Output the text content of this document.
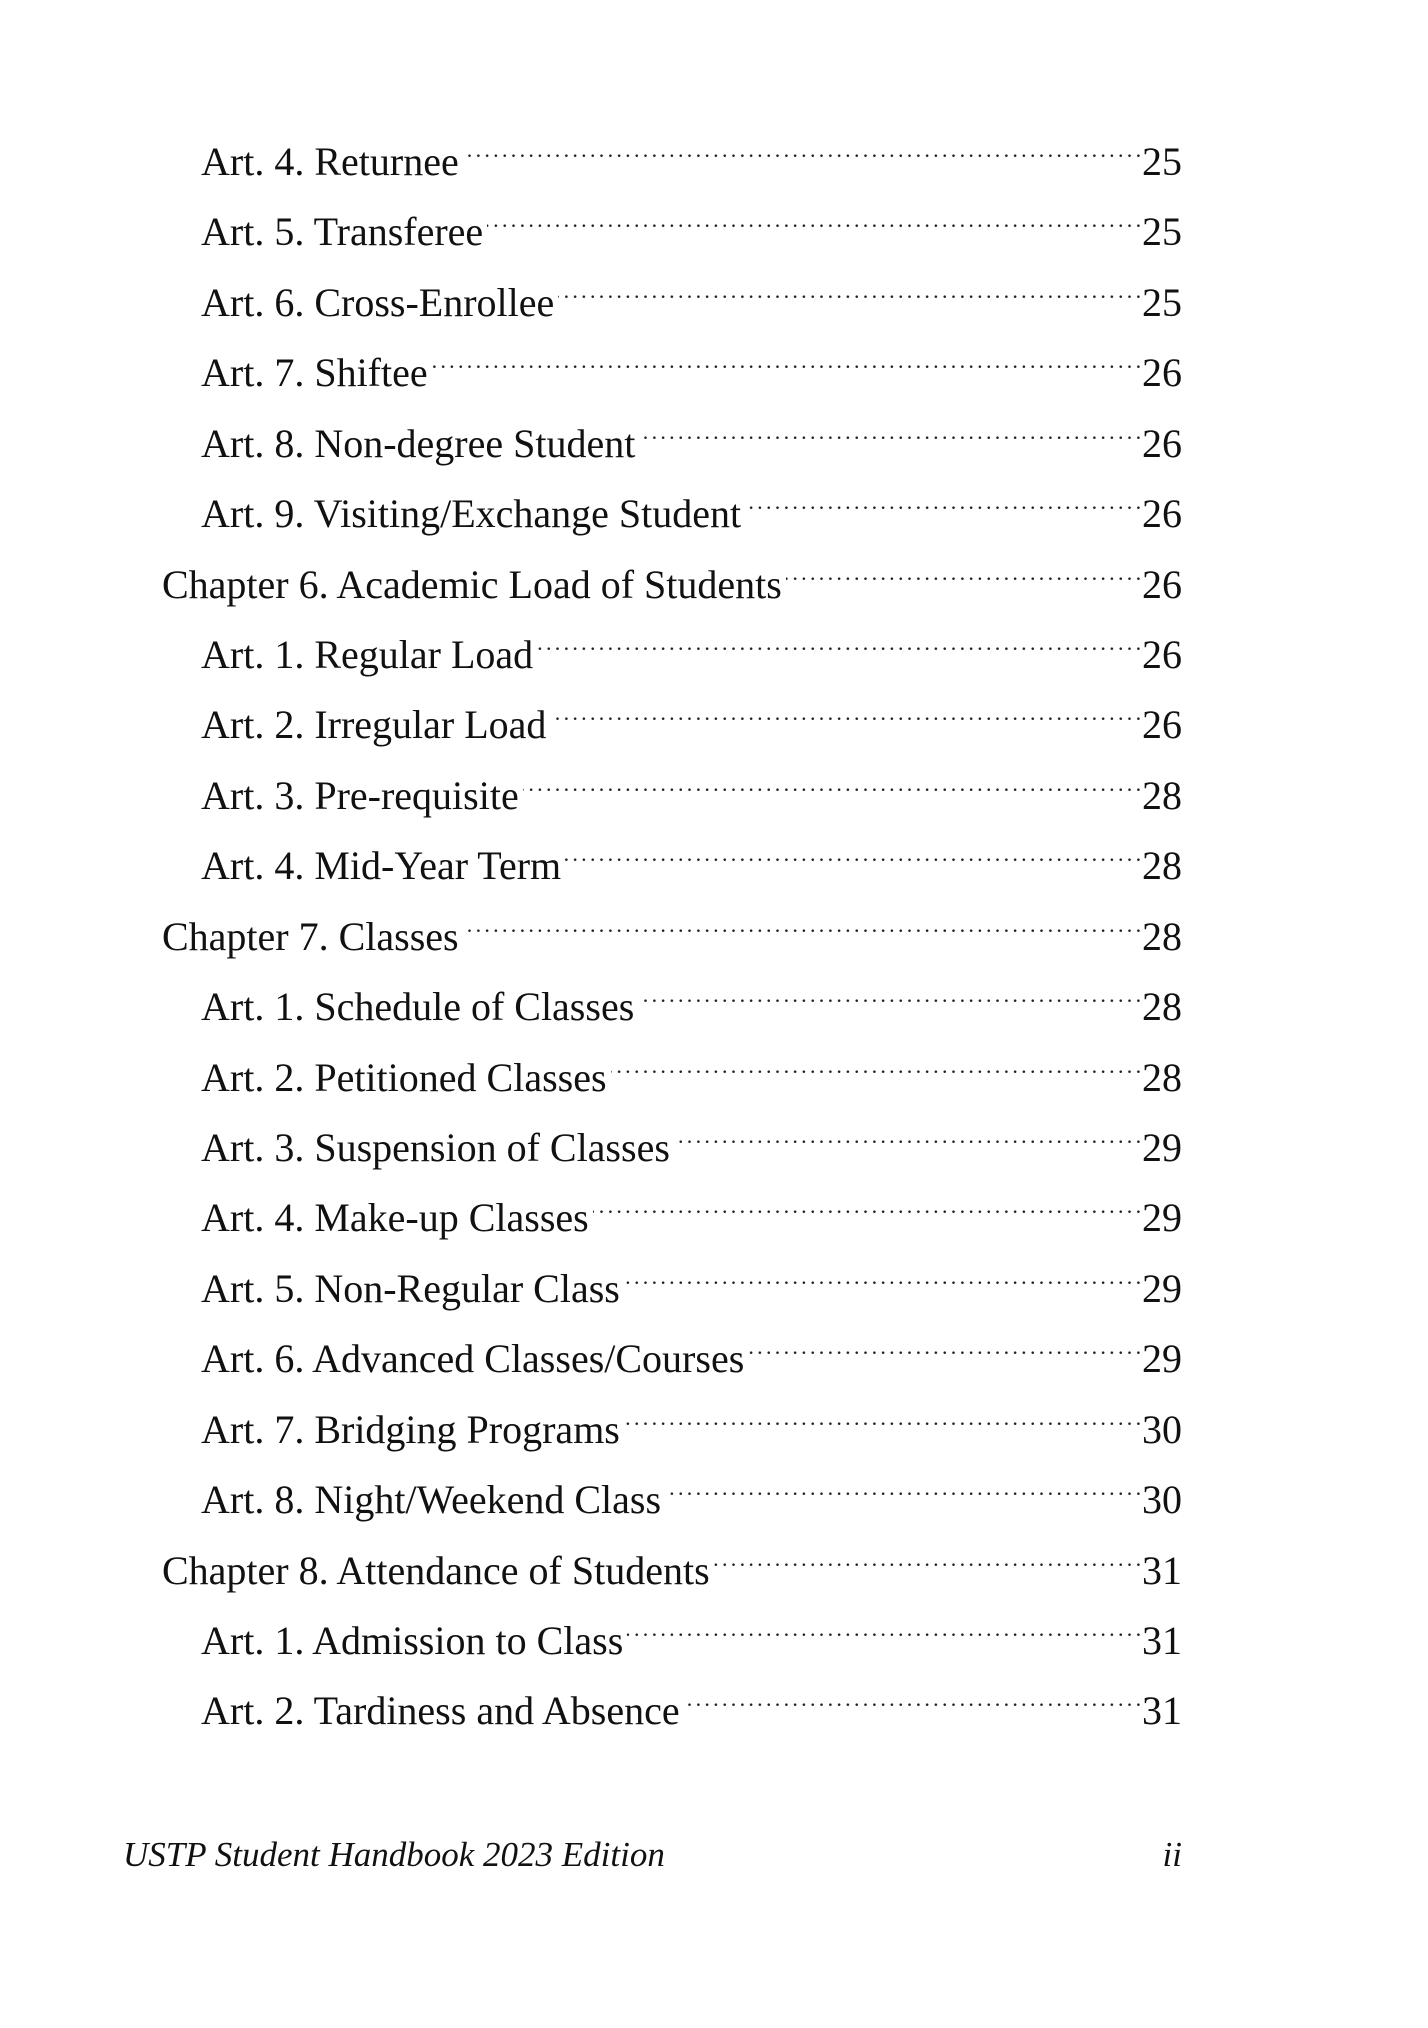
Art. 4. Returnee . . .	25
Art. 5. Transferee . . .	25
Art. 6. Cross-Enrollee . . .	25
Art. 7. Shiftee . . .	26
Art. 8. Non-degree Student . . .	26
Art. 9. Visiting/Exchange Student . . .	26
Chapter 6. Academic Load of Students . . .	26
Art. 1. Regular Load . . .	26
Art. 2. Irregular Load . . .	26
Art. 3. Pre-requisite . . .	28
Art. 4. Mid-Year Term . . .	28
Chapter 7. Classes . . .	28
Art. 1. Schedule of Classes . . .	28
Art. 2. Petitioned Classes . . .	28
Art. 3. Suspension of Classes . . .	29
Art. 4. Make-up Classes . . .	29
Art. 5. Non-Regular Class . . .	29
Art. 6. Advanced Classes/Courses . . .	29
Art. 7. Bridging Programs . . .	30
Art. 8. Night/Weekend Class . . .	30
Chapter 8. Attendance of Students . . .	31
Art. 1. Admission to Class . . .	31
Art. 2. Tardiness and Absence . . .	31
USTP Student Handbook 2023 Edition	ii
